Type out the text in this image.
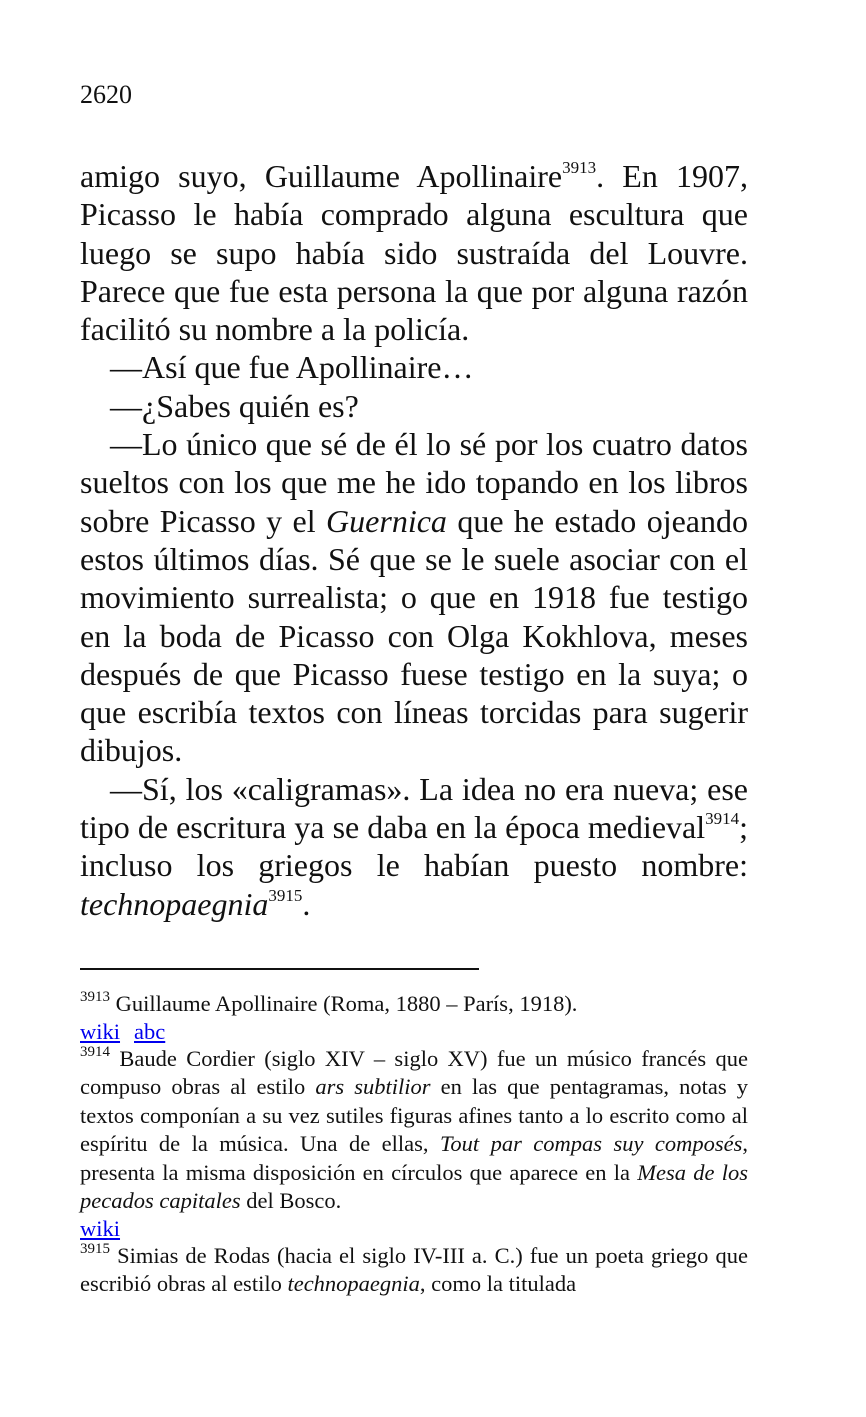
2620

amigo suyo, Guillaume Apollinaire$^{3913}$. En 1907, Picasso le había comprado alguna escultura que luego se supo había sido sustraída del Louvre. Parece que fue esta persona la que por alguna razón facilitó su nombre a la policía.

—Así que fue Apollinaire…

—¿Sabes quién es?

—Lo único que sé de él lo sé por los cuatro datos sueltos con los que me he ido topando en los libros sobre Picasso y el Guernica que he estado ojeando estos últimos días. Sé que se le suele asociar con el movimiento surrealista; o que en 1918 fue testigo en la boda de Picasso con Olga Kokhlova, meses después de que Picasso fuese testigo en la suya; o que escribía textos con líneas torcidas para sugerir dibujos.

—Sí, los «caligramas». La idea no era nueva; ese tipo de escritura ya se daba en la época medieval$^{3914}$; incluso los griegos le habían puesto nombre: technopaegnia$^{3915}$.

$^{3913}$ Guillaume Apollinaire (Roma, 1880 – París, 1918).

wiki abc

$^{3914}$ Baude Cordier (siglo XIV – siglo XV) fue un músico francés que compuso obras al estilo ars subtilior en las que pentagramas, notas y textos componían a su vez sutiles figuras afines tanto a lo escrito como al espíritu de la música. Una de ellas, Tout par compas suy composés, presenta la misma disposición en círculos que aparece en la Mesa de los pecados capitales del Bosco.

wiki

$^{3915}$ Simias de Rodas (hacia el siglo IV-III a. C.) fue un poeta griego que escribió obras al estilo technopaegnia, como la titulada
